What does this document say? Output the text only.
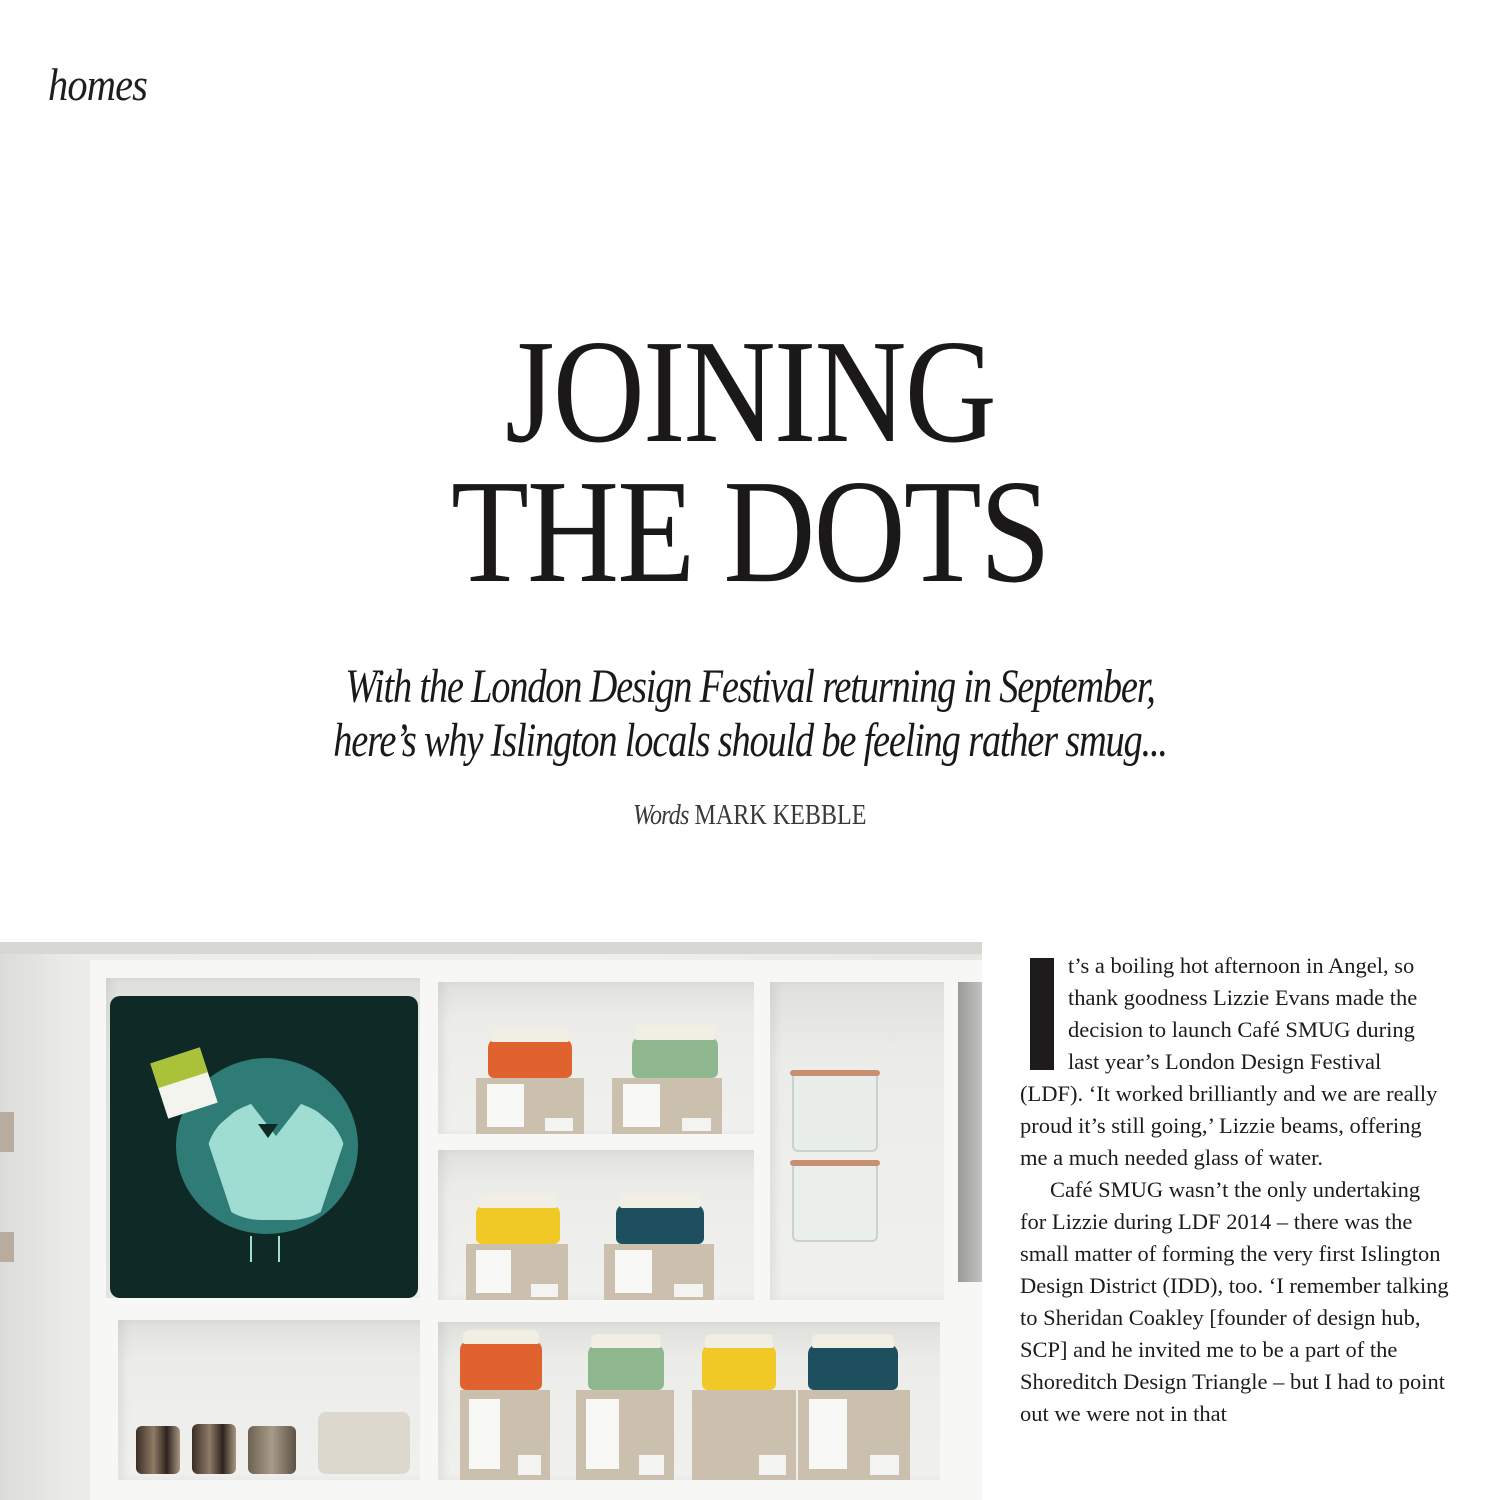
homes
JOINING
THE DOTS
With the London Design Festival returning in September,
here’s why Islington locals should be feeling rather smug...
Words MARK KEBBLE

t’s a boiling hot afternoon in Angel, so thank goodness Lizzie Evans made the decision to launch Café SMUG during last year’s London Design Festival (LDF). ‘It worked brilliantly and we are really proud it’s still going,’ Lizzie beams, offering me a much needed glass of water.

Café SMUG wasn’t the only undertaking for Lizzie during LDF 2014 – there was the small matter of forming the very first Islington Design District (IDD), too. ‘I remember talking to Sheridan Coakley [founder of design hub, SCP] and he invited me to be a part of the Shoreditch Design Triangle – but I had to point out we were not in that
